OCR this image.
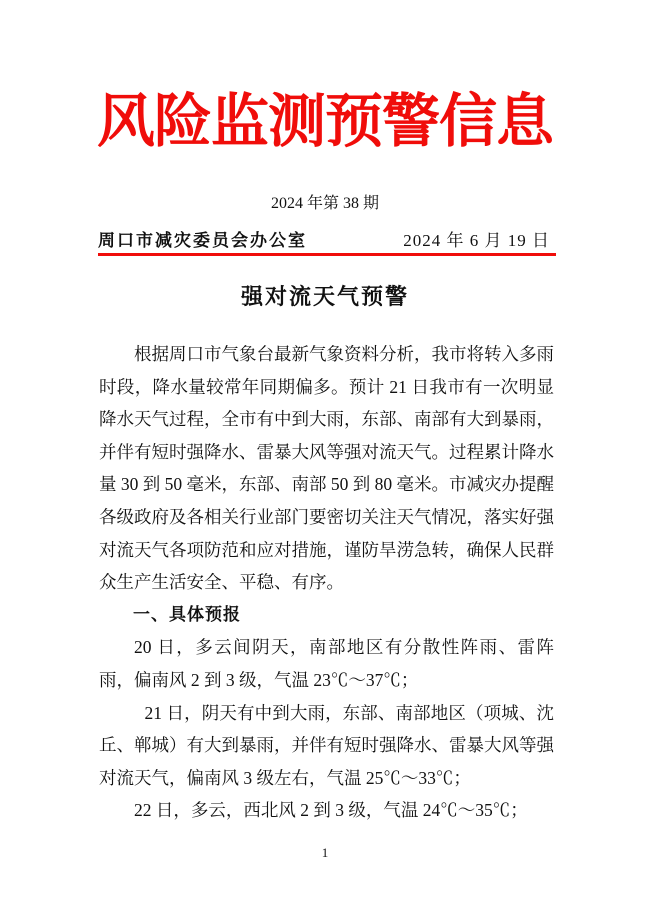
风险监测预警信息
2024 年第 38 期
周口市减灾委员会办公室	2024 年 6 月 19 日
强对流天气预警

根据周口市气象台最新气象资料分析，我市将转入多雨时段，降水量较常年同期偏多。预计 21 日我市有一次明显降水天气过程，全市有中到大雨，东部、南部有大到暴雨，并伴有短时强降水、雷暴大风等强对流天气。过程累计降水量 30 到 50 毫米，东部、南部 50 到 80 毫米。市减灾办提醒各级政府及各相关行业部门要密切关注天气情况，落实好强对流天气各项防范和应对措施，谨防旱涝急转，确保人民群众生产生活安全、平稳、有序。

一、具体预报

20 日，多云间阴天，南部地区有分散性阵雨、雷阵雨，偏南风 2 到 3 级，气温 23℃～37℃；

21 日，阴天有中到大雨，东部、南部地区（项城、沈丘、郸城）有大到暴雨，并伴有短时强降水、雷暴大风等强对流天气，偏南风 3 级左右，气温 25℃～33℃；

22 日，多云，西北风 2 到 3 级，气温 24℃～35℃；

1
